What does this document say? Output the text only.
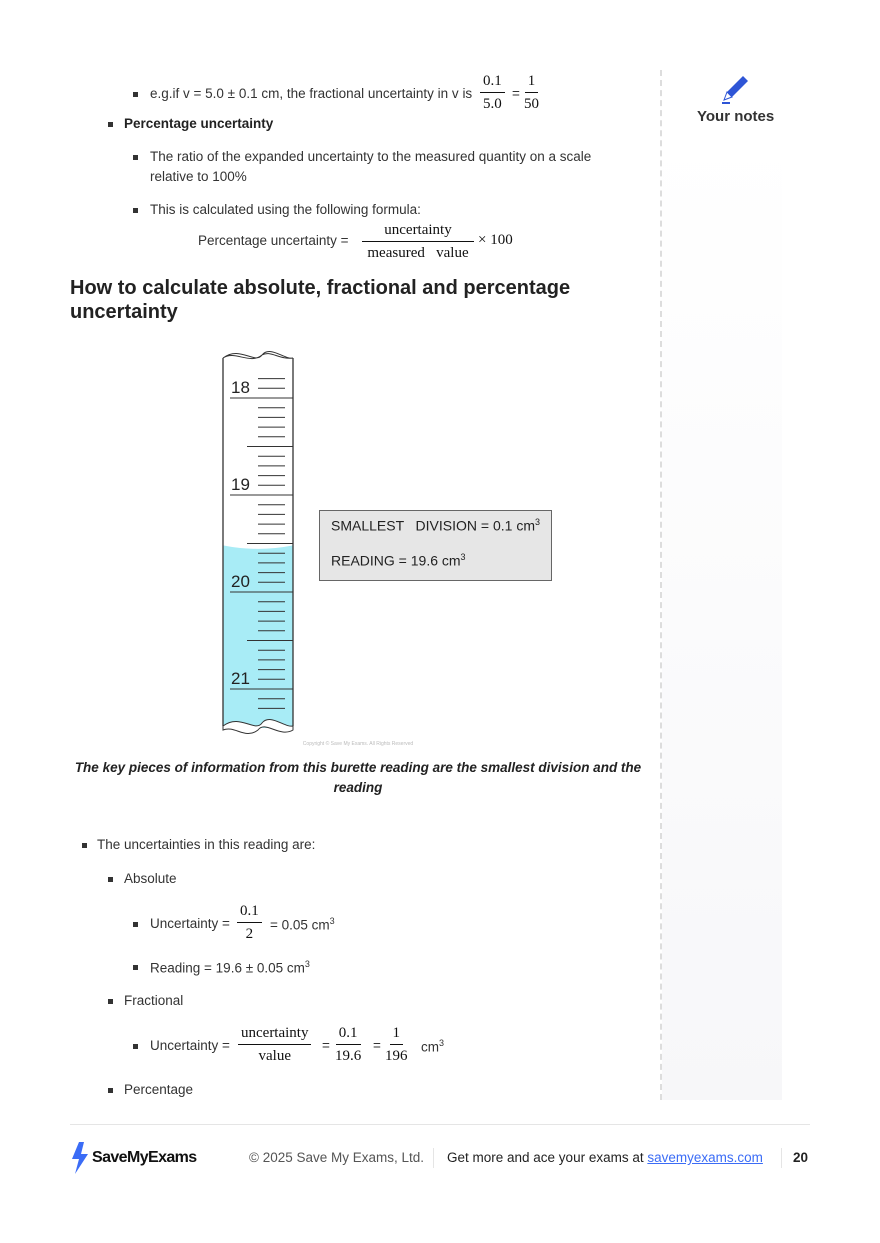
Your notes
e.g.if v = 5.0 ± 0.1 cm, the fractional uncertainty in v is $\frac{0.1}{5.0} = \frac{1}{50}$
Percentage uncertainty
The ratio of the expanded uncertainty to the measured quantity on a scale
relative to 100%
This is calculated using the following formula:
Percentage uncertainty =
uncertainty
measured   value
× 100
How to calculate absolute, fractional and percentage
uncertainty
18
19
20
21
Copyright © Save My Exams. All Rights Reserved
SMALLEST   DIVISION = 0.1 $cm^3$
READING = 19.6 $cm^3$
The key pieces of information from this burette reading are the smallest division and the
reading
The uncertainties in this reading are:
Absolute
Uncertainty = $\frac{0.1}{2} = 0.05$ $cm^3$
Reading = 19.6 ± 0.05 $cm^3$
Fractional
Uncertainty =
uncertainty
value
= $\frac{0.1}{19.6} = \frac{1}{196} cm^3$
Percentage
SaveMyExams	© 2025 Save My Exams, Ltd. Get more and ace your exams at savemyexams.com 20
